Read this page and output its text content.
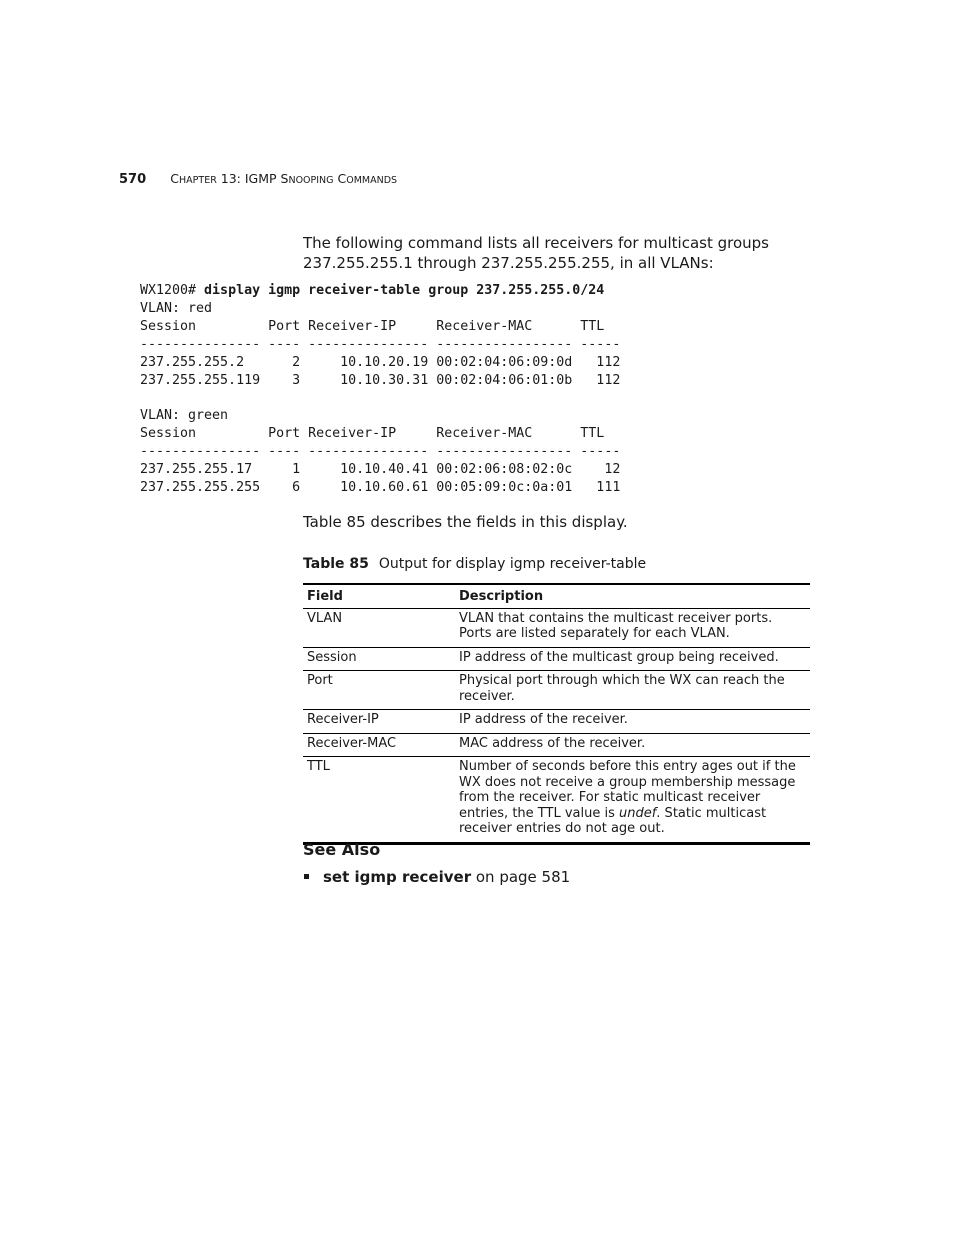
570 CHAPTER 13: IGMP SNOOPING COMMANDS
The following command lists all receivers for multicast groups 237.255.255.1 through 237.255.255.255, in all VLANs:
WX1200# display igmp receiver-table group 237.255.255.0/24
VLAN: red
Session         Port Receiver-IP     Receiver-MAC      TTL
--------------- ---- --------------- ----------------- -----
237.255.255.2      2     10.10.20.19 00:02:04:06:09:0d   112
237.255.255.119    3     10.10.30.31 00:02:04:06:01:0b   112

VLAN: green
Session         Port Receiver-IP     Receiver-MAC      TTL
--------------- ---- --------------- ----------------- -----
237.255.255.17     1     10.10.40.41 00:02:06:08:02:0c    12
237.255.255.255    6     10.10.60.61 00:05:09:0c:0a:01   111
Table 85 describes the fields in this display.
Table 85 Output for display igmp receiver-table
Field	Description
VLAN	VLAN that contains the multicast receiver ports. Ports are listed separately for each VLAN.
Session	IP address of the multicast group being received.
Port	Physical port through which the WX can reach the receiver.
Receiver-IP	IP address of the receiver.
Receiver-MAC	MAC address of the receiver.
TTL	Number of seconds before this entry ages out if the WX does not receive a group membership message from the receiver. For static multicast receiver entries, the TTL value is undef. Static multicast receiver entries do not age out.
See Also
set igmp receiver on page 581
